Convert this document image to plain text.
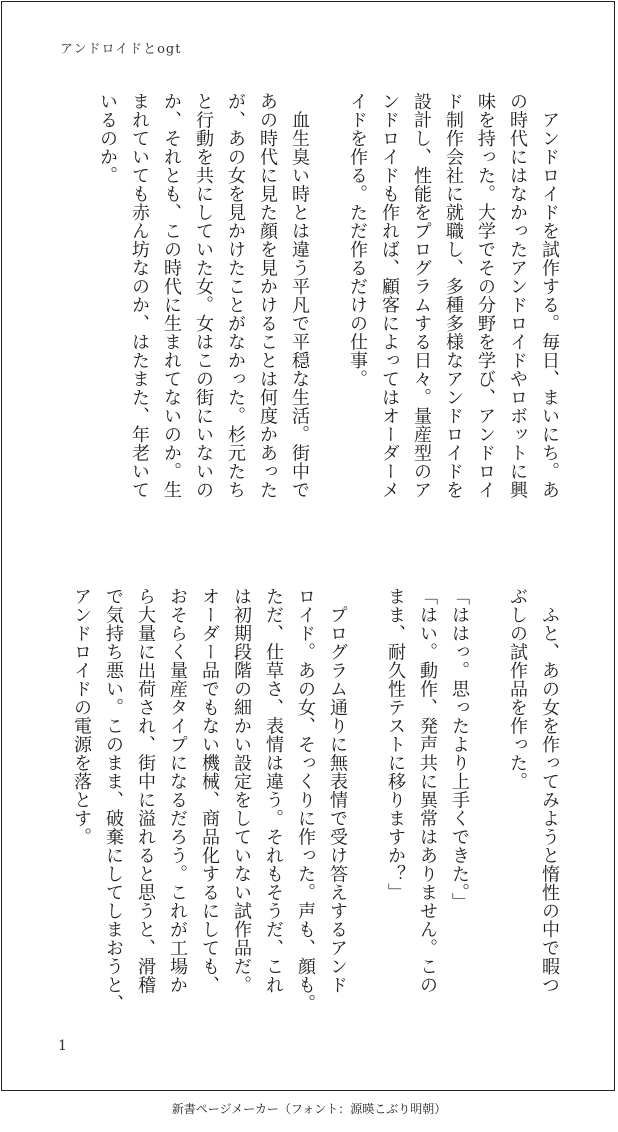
アンドロイドとogt
　アンドロイドを試作する。毎日、まいにち。あ
の時代にはなかったアンドロイドやロボットに興
味を持った。大学でその分野を学び、アンドロイ
ド制作会社に就職し、多種多様なアンドロイドを
設計し、性能をプログラムする日々。量産型のア
ンドロイドも作れば、顧客によってはオーダーメ
イドを作る。ただ作るだけの仕事。
　血生臭い時とは違う平凡で平穏な生活。街中で
あの時代に見た顔を見かけることは何度かあった
が、あの女を見かけたことがなかった。杉元たち
と行動を共にしていた女。女はこの街にいないの
か、それとも、この時代に生まれてないのか。生
まれていても赤ん坊なのか、はたまた、年老いて
いるのか。
　ふと、あの女を作ってみようと惰性の中で暇つ
ぶしの試作品を作った。
「ははっ。思ったより上手くできた。」
「はい。動作、発声共に異常はありません。この
まま、耐久性テストに移りますか？」
　プログラム通りに無表情で受け答えするアンド
ロイド。あの女、そっくりに作った。声も、顔も。
ただ、仕草さ、表情は違う。それもそうだ、これ
は初期段階の細かい設定をしていない試作品だ。
オーダー品でもない機械、商品化するにしても、
おそらく量産タイプになるだろう。これが工場か
ら大量に出荷され、街中に溢れると思うと、滑稽
で気持ち悪い。このまま、破棄にしてしまおうと、
アンドロイドの電源を落とす。
1
新書ページメーカー（フォント：源暎こぶり明朝）
